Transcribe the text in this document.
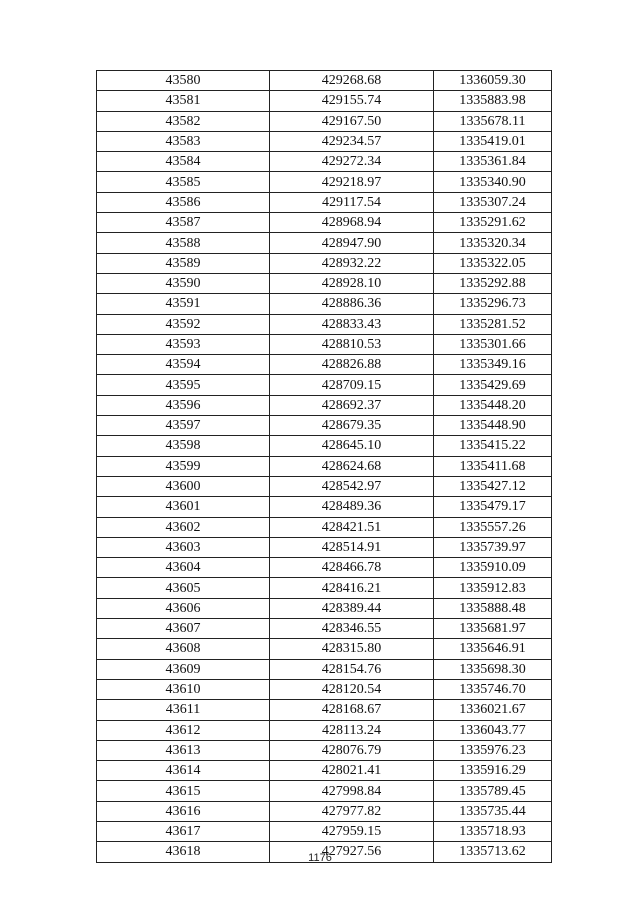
43580	429268.68	1336059.30
43581	429155.74	1335883.98
43582	429167.50	1335678.11
43583	429234.57	1335419.01
43584	429272.34	1335361.84
43585	429218.97	1335340.90
43586	429117.54	1335307.24
43587	428968.94	1335291.62
43588	428947.90	1335320.34
43589	428932.22	1335322.05
43590	428928.10	1335292.88
43591	428886.36	1335296.73
43592	428833.43	1335281.52
43593	428810.53	1335301.66
43594	428826.88	1335349.16
43595	428709.15	1335429.69
43596	428692.37	1335448.20
43597	428679.35	1335448.90
43598	428645.10	1335415.22
43599	428624.68	1335411.68
43600	428542.97	1335427.12
43601	428489.36	1335479.17
43602	428421.51	1335557.26
43603	428514.91	1335739.97
43604	428466.78	1335910.09
43605	428416.21	1335912.83
43606	428389.44	1335888.48
43607	428346.55	1335681.97
43608	428315.80	1335646.91
43609	428154.76	1335698.30
43610	428120.54	1335746.70
43611	428168.67	1336021.67
43612	428113.24	1336043.77
43613	428076.79	1335976.23
43614	428021.41	1335916.29
43615	427998.84	1335789.45
43616	427977.82	1335735.44
43617	427959.15	1335718.93
43618	427927.56	1335713.62
1176
